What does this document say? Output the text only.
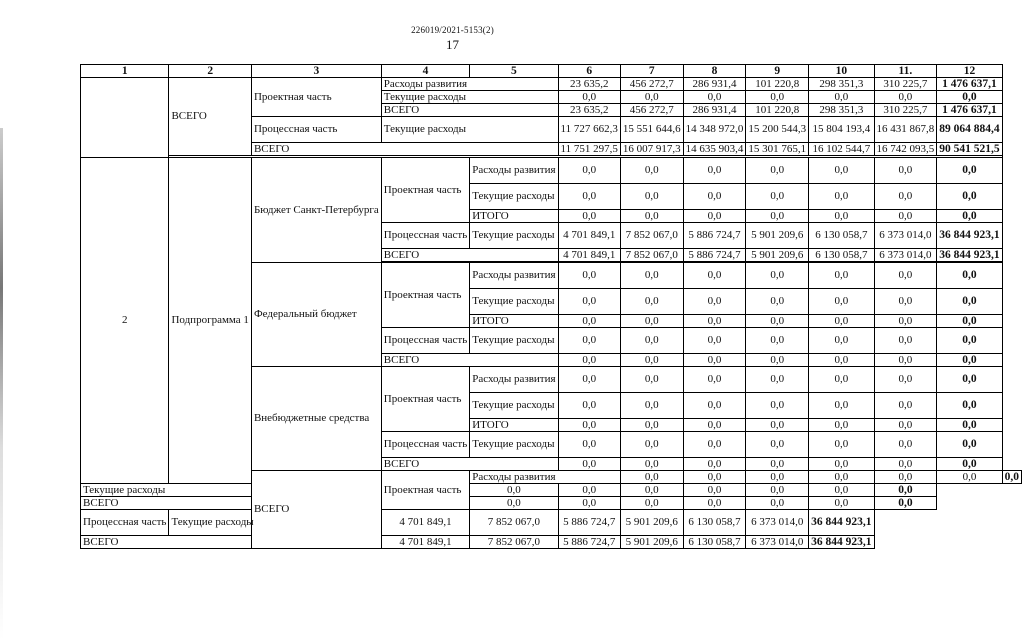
226019/2021-5153(2)
17
1	2	3	4	5	6	7	8	9	10	11.	12	
	ВСЕГО	Проектная часть	Расходы развития		23 635,2	456 272,7	286 931,4	101 220,8	298 351,3	310 225,7	1 476 637,1	
			Текущие расходы		0,0	0,0	0,0	0,0	0,0	0,0	0,0	
			ВСЕГО		23 635,2	456 272,7	286 931,4	101 220,8	298 351,3	310 225,7	1 476 637,1	
		Процессная часть	Текущие расходы		11 727 662,3	15 551 644,6	14 348 972,0	15 200 544,3	15 804 193,4	16 431 867,8	89 064 884,4	
		ВСЕГО			11 751 297,5	16 007 917,3	14 635 903,4	15 301 765,1	16 102 544,7	16 742 093,5	90 541 521,5	

2	Подпрограмма 1	Бюджет Санкт-Петербурга	Проектная часть	Расходы развития	0,0	0,0	0,0	0,0	0,0	0,0	0,0	
				Текущие расходы	0,0	0,0	0,0	0,0	0,0	0,0	0,0	
				ИТОГО	0,0	0,0	0,0	0,0	0,0	0,0	0,0	
			Процессная часть	Текущие расходы	4 701 849,1	7 852 067,0	5 886 724,7	5 901 209,6	6 130 058,7	6 373 014,0	36 844 923,1	
			ВСЕГО		4 701 849,1	7 852 067,0	5 886 724,7	5 901 209,6	6 130 058,7	6 373 014,0	36 844 923,1	

		Федеральный бюджет	Проектная часть	Расходы развития	0,0	0,0	0,0	0,0	0,0	0,0	0,0	
				Текущие расходы	0,0	0,0	0,0	0,0	0,0	0,0	0,0	
				ИТОГО	0,0	0,0	0,0	0,0	0,0	0,0	0,0	
			Процессная часть	Текущие расходы	0,0	0,0	0,0	0,0	0,0	0,0	0,0	
			ВСЕГО		0,0	0,0	0,0	0,0	0,0	0,0	0,0	
		Внебюджетные средства	Проектная часть	Расходы развития	0,0	0,0	0,0	0,0	0,0	0,0	0,0	
				Текущие расходы	0,0	0,0	0,0	0,0	0,0	0,0	0,0	
				ИТОГО	0,0	0,0	0,0	0,0	0,0	0,0	0,0	
			Процессная часть	Текущие расходы	0,0	0,0	0,0	0,0	0,0	0,0	0,0	
			ВСЕГО		0,0	0,0	0,0	0,0	0,0	0,0	0,0	
		ВСЕГО	Проектная часть	Расходы развития		0,0	0,0	0,0	0,0	0,0	0,0	0,0
Текущие расходы				0,0	0,0	0,0	0,0	0,0	0,0	0,0		
ВСЕГО				0,0	0,0	0,0	0,0	0,0	0,0	0,0		
Процессная часть	Текущие расходы		4 701 849,1	7 852 067,0	5 886 724,7	5 901 209,6	6 130 058,7	6 373 014,0	36 844 923,1			
ВСЕГО			4 701 849,1	7 852 067,0	5 886 724,7	5 901 209,6	6 130 058,7	6 373 014,0	36 844 923,1			
